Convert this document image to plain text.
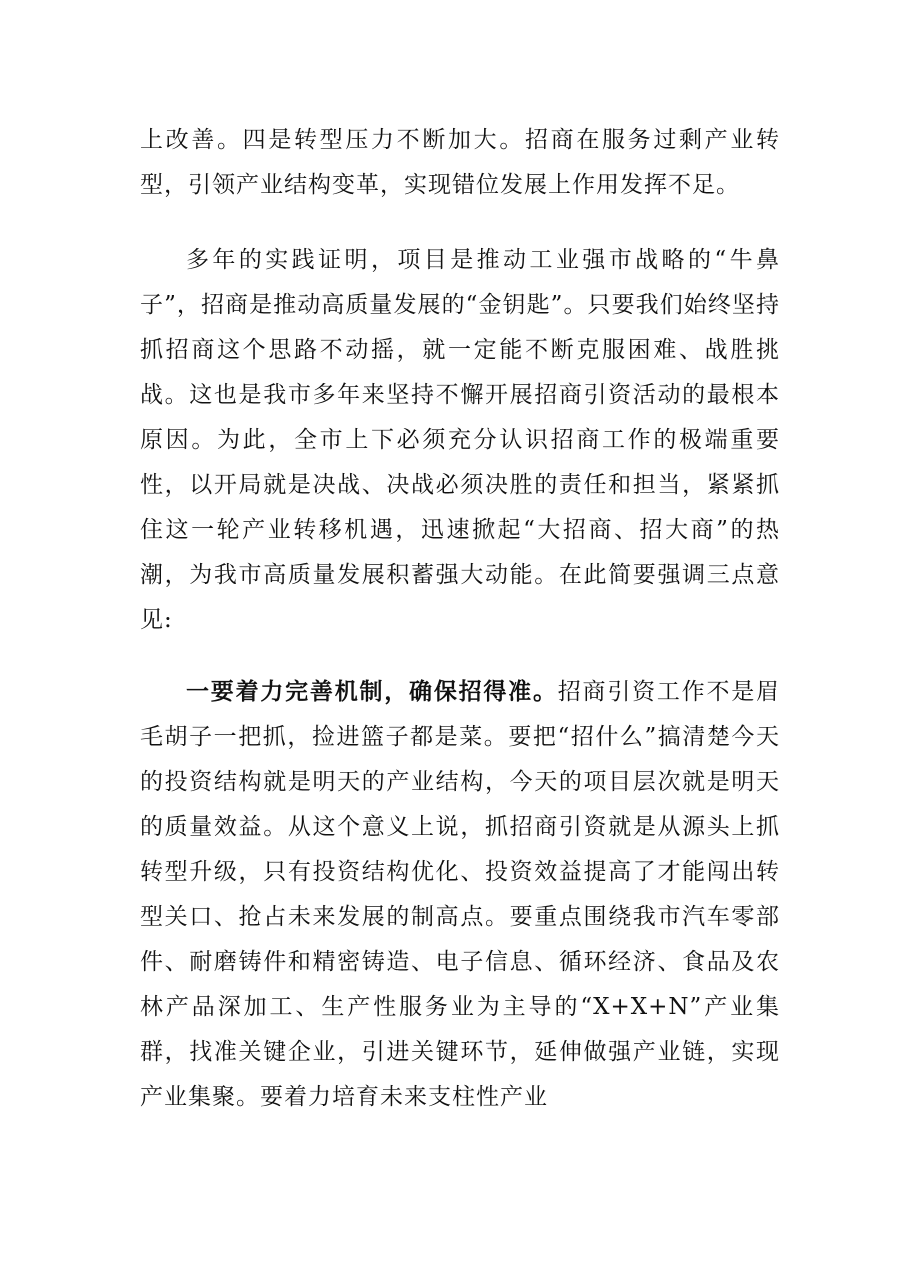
上改善。四是转型压力不断加大。招商在服务过剩产业转型，引领产业结构变革，实现错位发展上作用发挥不足。

多年的实践证明，项目是推动工业强市战略的“牛鼻子”，招商是推动高质量发展的“金钥匙”。只要我们始终坚持抓招商这个思路不动摇，就一定能不断克服困难、战胜挑战。这也是我市多年来坚持不懈开展招商引资活动的最根本原因。为此，全市上下必须充分认识招商工作的极端重要性，以开局就是决战、决战必须决胜的责任和担当，紧紧抓住这一轮产业转移机遇，迅速掀起“大招商、招大商”的热潮，为我市高质量发展积蓄强大动能。在此简要强调三点意见:

一要着力完善机制，确保招得准。招商引资工作不是眉毛胡子一把抓，捡进篮子都是菜。要把“招什么”搞清楚今天的投资结构就是明天的产业结构，今天的项目层次就是明天的质量效益。从这个意义上说，抓招商引资就是从源头上抓转型升级，只有投资结构优化、投资效益提高了才能闯出转型关口、抢占未来发展的制高点。要重点围绕我市汽车零部件、耐磨铸件和精密铸造、电子信息、循环经济、食品及农林产品深加工、生产性服务业为主导的“X+X+N”产业集群，找准关键企业，引进关键环节，延伸做强产业链，实现产业集聚。要着力培育未来支柱性产业
